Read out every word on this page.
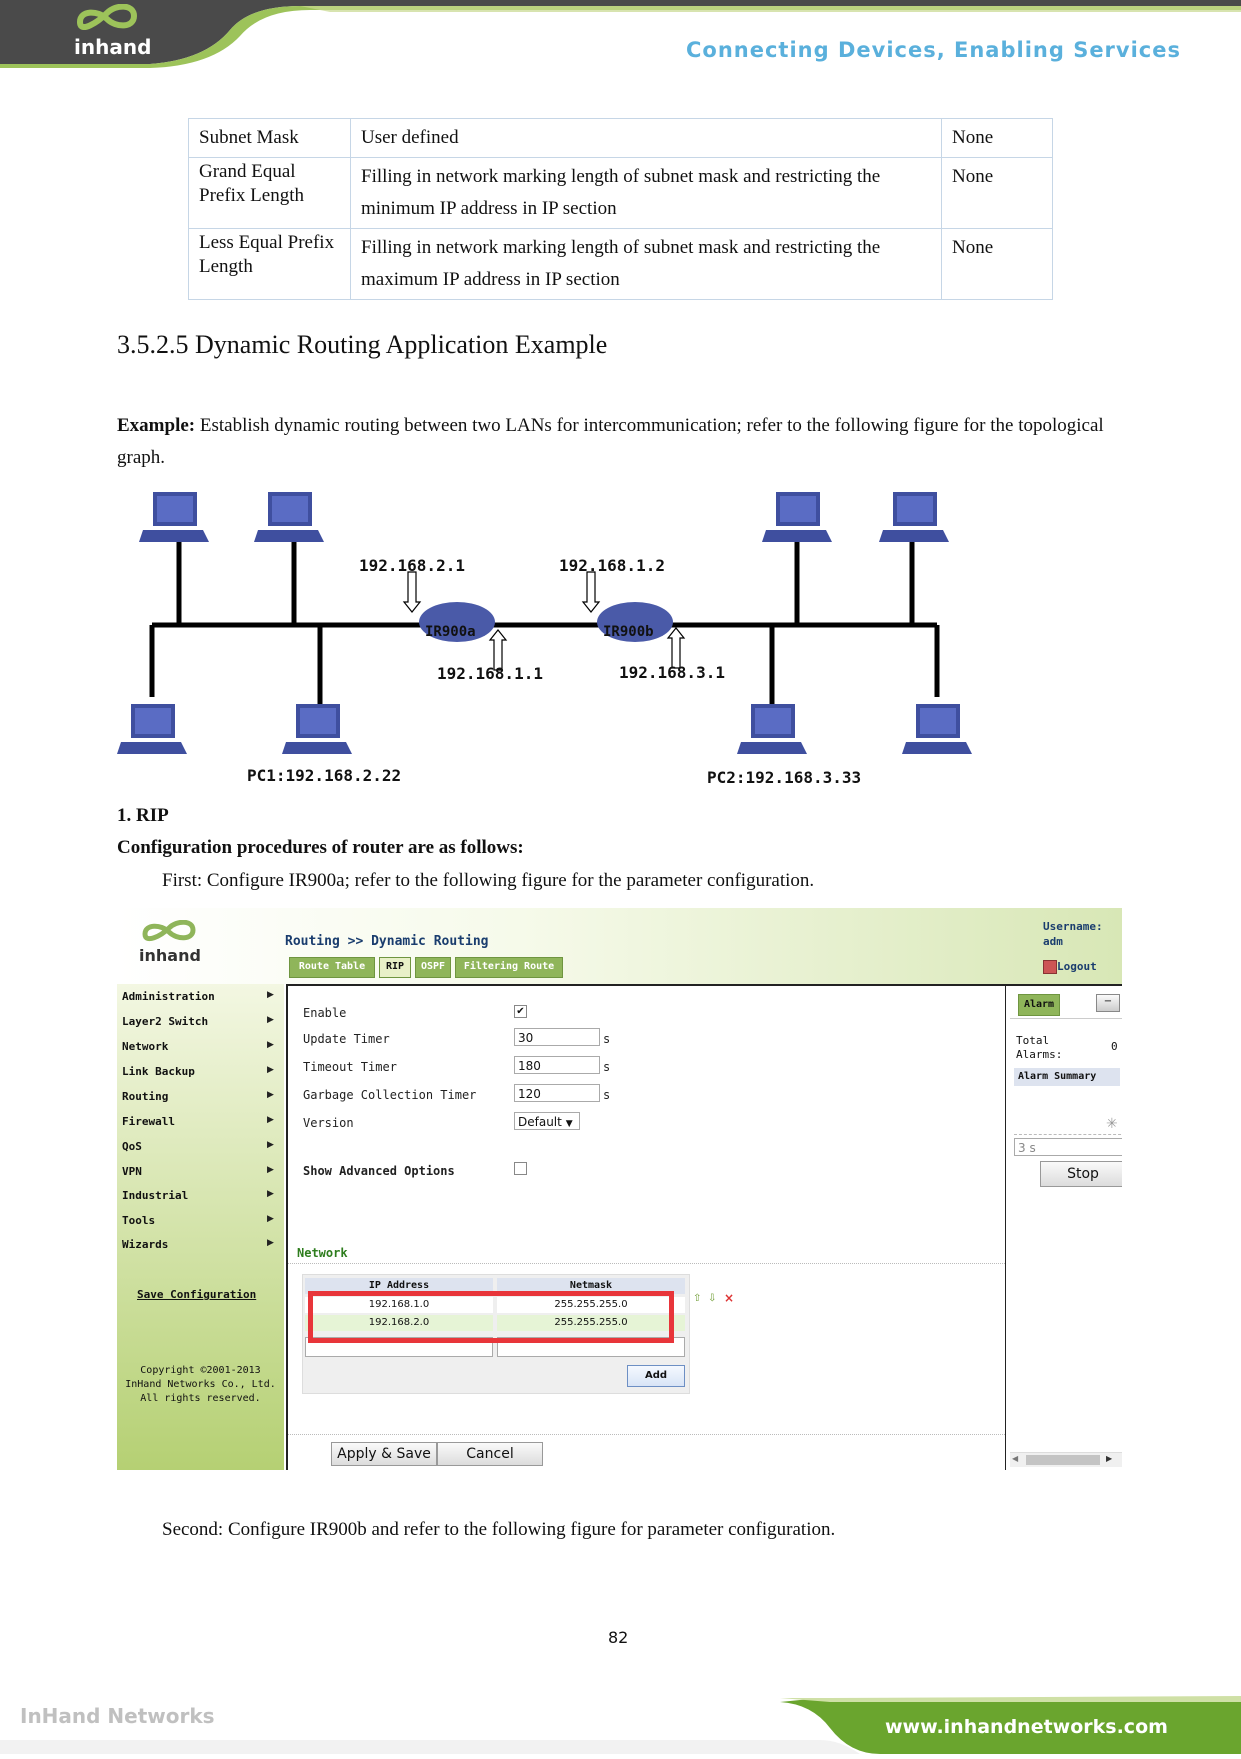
inhand	Connecting Devices, Enabling Services
Subnet Mask	User defined	None
Grand Equal Prefix Length	Filling in network marking length of subnet mask and restricting the minimum IP address in IP section	None
Less Equal Prefix Length	Filling in network marking length of subnet mask and restricting the maximum IP address in IP section	None
3.5.2.5 Dynamic Routing Application Example
Example: Establish dynamic routing between two LANs for intercommunication; refer to the following figure for the topological graph.
192.168.2.1	192.168.1.2
IR900a	IR900b
192.168.1.1	192.168.3.1
PC1:192.168.2.22	PC2:192.168.3.33
1. RIP
Configuration procedures of router are as follows:
First: Configure IR900a; refer to the following figure for the parameter configuration.
inhand
Routing >> Dynamic Routing
Username:
adm
Logout
Route Table	RIP	OSPF	Filtering Route
Administration	▶
Layer2 Switch	▶
Network	▶
Link Backup	▶
Routing	▶
Firewall	▶
QoS	▶
VPN	▶
Industrial	▶
Tools	▶
Wizards	▶
Save Configuration
Copyright ©2001-2013
InHand Networks Co., Ltd.
All rights reserved.
Enable	✔
Update Timer	30	s
Timeout Timer	180	s
Garbage Collection Timer	120	s
Version	Default ▼
Show Advanced Options
Network
IP Address	Netmask
192.168.1.0	255.255.255.0
192.168.2.0	255.255.255.0
Add
⇧ ⇩ ×
Apply & Save	Cancel
Alarm	−
Total Alarms:
0
Alarm Summary
✳
3 s
Stop
◀	▶
Second: Configure IR900b and refer to the following figure for parameter configuration.
82
InHand Networks	www.inhandnetworks.com
